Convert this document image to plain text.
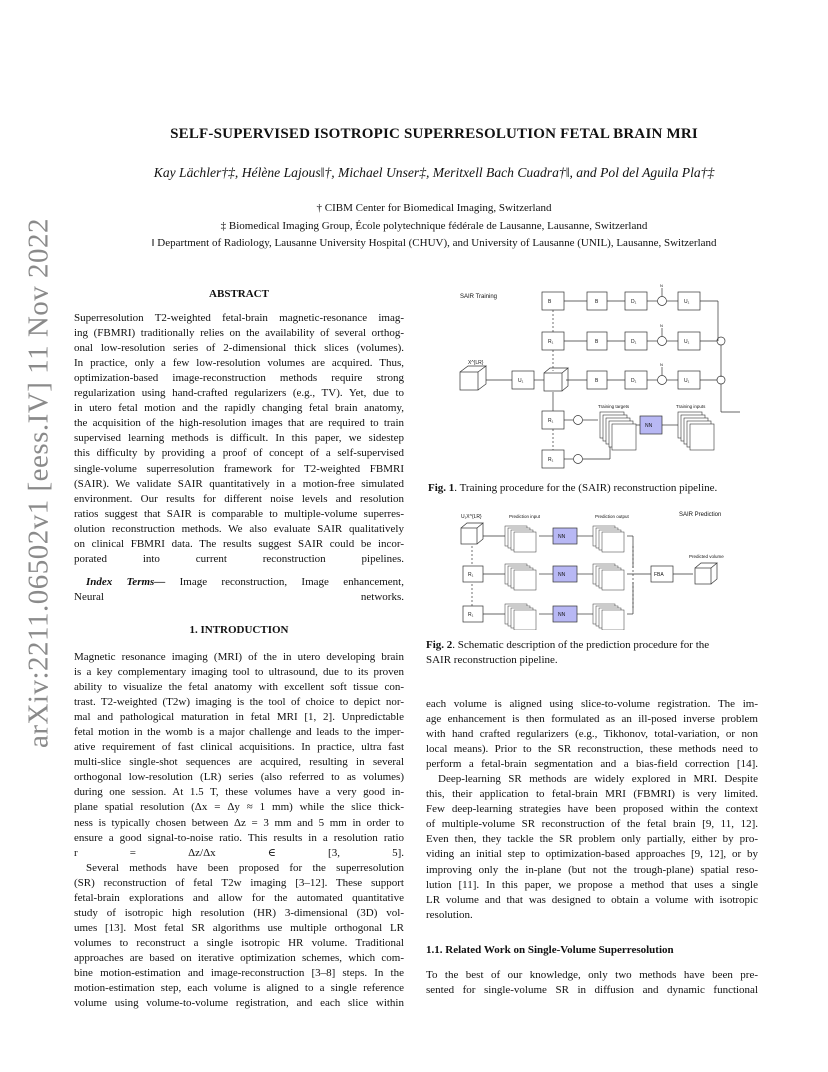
arXiv:2211.06502v1 [eess.IV] 11 Nov 2022
SELF-SUPERVISED ISOTROPIC SUPERRESOLUTION FETAL BRAIN MRI
Kay Lächler†‡, Hélène Lajous‖†, Michael Unser‡, Meritxell Bach Cuadra†‖, and Pol del Aguila Pla†‡
† CIBM Center for Biomedical Imaging, Switzerland
‡ Biomedical Imaging Group, École polytechnique fédérale de Lausanne, Lausanne, Switzerland
‖ Department of Radiology, Lausanne University Hospital (CHUV), and University of Lausanne (UNIL), Lausanne, Switzerland
ABSTRACT

Superresolution T2-weighted fetal-brain magnetic-resonance imag-

ing (FBMRI) traditionally relies on the availability of several orthog-

onal low-resolution series of 2-dimensional thick slices (volumes).

In practice, only a few low-resolution volumes are acquired. Thus,

optimization-based image-reconstruction methods require strong

regularization using hand-crafted regularizers (e.g., TV). Yet, due to

in utero fetal motion and the rapidly changing fetal brain anatomy,

the acquisition of the high-resolution images that are required to train

supervised learning methods is difficult. In this paper, we sidestep

this difficulty by providing a proof of concept of a self-supervised

single-volume superresolution framework for T2-weighted FBMRI

(SAIR). We validate SAIR quantitatively in a motion-free simulated

environment. Our results for different noise levels and resolution

ratios suggest that SAIR is comparable to multiple-volume superres-

olution reconstruction methods. We also evaluate SAIR qualitatively

on clinical FBMRI data. The results suggest SAIR could be incor-

porated into current reconstruction pipelines.

Index Terms— Image reconstruction, Image enhancement,

Neural networks.

1. INTRODUCTION

Magnetic resonance imaging (MRI) of the in utero developing brain

is a key complementary imaging tool to ultrasound, due to its proven

ability to visualize the fetal anatomy with excellent soft tissue con-

trast. T2-weighted (T2w) imaging is the tool of choice to depict nor-

mal and pathological maturation in fetal MRI [1, 2]. Unpredictable

fetal motion in the womb is a major challenge and leads to the imper-

ative requirement of fast clinical acquisitions. In practice, ultra fast

multi-slice single-shot sequences are acquired, resulting in several

orthogonal low-resolution (LR) series (also referred to as volumes)

during one session. At 1.5 T, these volumes have a very good in-

plane spatial resolution (Δx = Δy ≈ 1 mm) while the slice thick-

ness is typically chosen between Δz = 3 mm and 5 mm in order to

ensure a good signal-to-noise ratio. This results in a resolution ratio

r = Δz/Δx ∈ [3, 5].

Several methods have been proposed for the superresolution

(SR) reconstruction of fetal T2w imaging [3–12]. These support

fetal-brain explorations and allow for the automated quantitative

study of isotropic high resolution (HR) 3-dimensional (3D) vol-

umes [13]. Most fetal SR algorithms use multiple orthogonal LR

volumes to reconstruct a single isotropic HR volume. Traditional

approaches are based on iterative optimization schemes, which com-

bine motion-estimation and image-reconstruction [3–8] steps. In the

motion-estimation step, each volume is aligned to a single reference

volume using volume-to-volume registration, and each slice within

SAIR Training
X^{LR}
B	B	D₁	U₁
R₁	B	D₁	U₁
U₁	B	D₁	U₁
R₁
R₁
N
N
N
NN
Training targets	Training inputs
Fig. 1. Training procedure for the (SAIR) reconstruction pipeline.
U₁X^{LR}	Prediction input	Prediction output	SAIR Prediction
NN
NN
NN
R₁
R₁
FBA
Predicted volume
Fig. 2. Schematic description of the prediction procedure for the
SAIR reconstruction pipeline.

each volume is aligned using slice-to-volume registration. The im-

age enhancement is then formulated as an ill-posed inverse problem

with hand crafted regularizers (e.g., Tikhonov, total-variation, or non

local means). Prior to the SR reconstruction, these methods need to

perform a fetal-brain segmentation and a bias-field correction [14].

Deep-learning SR methods are widely explored in MRI. Despite

this, their application to fetal-brain MRI (FBMRI) is very limited.

Few deep-learning strategies have been proposed within the context

of multiple-volume SR reconstruction of the fetal brain [9, 11, 12].

Even then, they tackle the SR problem only partially, either by pro-

viding an initial step to optimization-based approaches [9, 12], or by

improving only the in-plane (but not the trough-plane) spatial reso-

lution [11]. In this paper, we propose a method that uses a single

LR volume and that was designed to obtain a volume with isotropic

resolution.

1.1. Related Work on Single-Volume Superresolution

To the best of our knowledge, only two methods have been pre-

sented for single-volume SR in diffusion and dynamic functional
